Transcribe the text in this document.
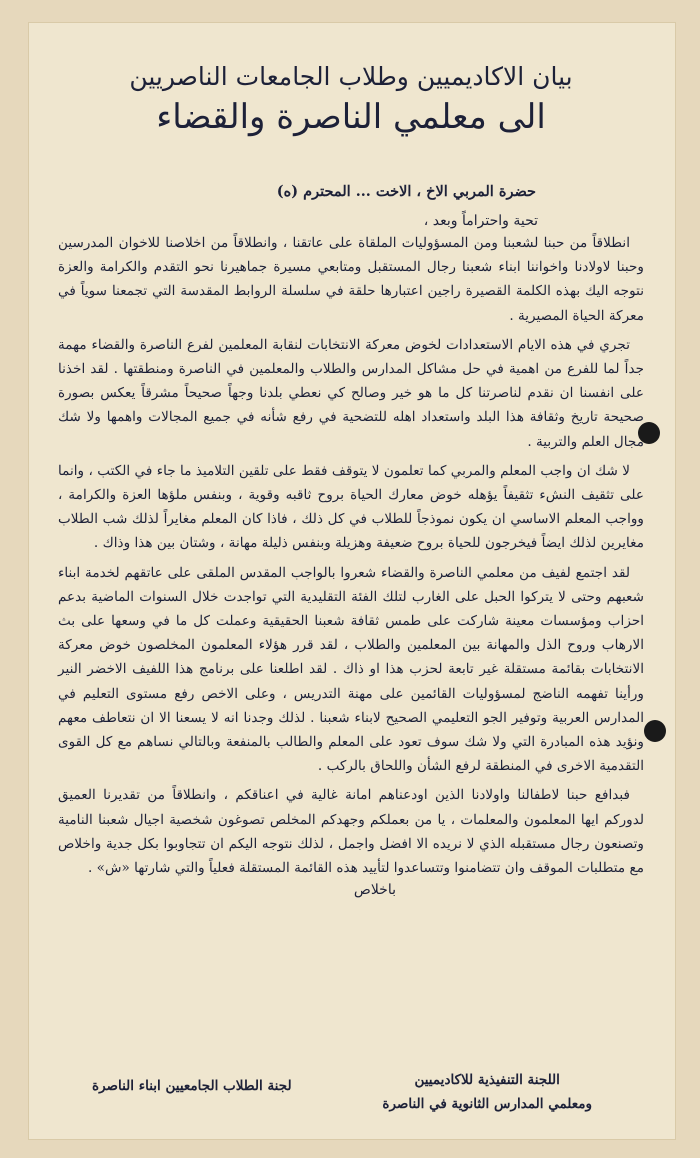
بيان الاكاديميين وطلاب الجامعات الناصريين
الى معلمي الناصرة والقضاء
حضرة المربي الاخ ، الاخت ... المحترم (ه)
تحية واحتراماً وبعد ،

انطلاقاً من حبنا لشعبنا ومن المسؤوليات الملقاة على عاتقنا ، وانطلاقاً من اخلاصنا للاخوان المدرسين وحبنا لاولادنا واخواننا ابناء شعبنا رجال المستقبل ومتابعي مسيرة جماهيرنا نحو التقدم والكرامة والعزة نتوجه اليك بهذه الكلمة القصيرة راجين اعتبارها حلقة في سلسلة الروابط المقدسة التي تجمعنا سوياً في معركة الحياة المصيرية .

تجري في هذه الايام الاستعدادات لخوض معركة الانتخابات لنقابة المعلمين لفرع الناصرة والقضاء مهمة جداً لما للفرع من اهمية في حل مشاكل المدارس والطلاب والمعلمين في الناصرة ومنطقتها . لقد اخذنا على انفسنا ان نقدم لناصرتنا كل ما هو خير وصالح كي نعطي بلدنا وجهاً صحيحاً مشرقاً يعكس بصورة صحيحة تاريخ وثقافة هذا البلد واستعداد اهله للتضحية في رفع شأنه في جميع المجالات واهمها ولا شك مجال العلم والتربية .

لا شك ان واجب المعلم والمربي كما تعلمون لا يتوقف فقط على تلقين التلاميذ ما جاء في الكتب ، وانما على تثقيف النشء تثقيفاً يؤهله خوض معارك الحياة بروح ثاقبه وقوية ، وبنفس ملؤها العزة والكرامة ، وواجب المعلم الاساسي ان يكون نموذجاً للطلاب في كل ذلك ، فاذا كان المعلم مغايراً لذلك شب الطلاب مغايرين لذلك ايضاً فيخرجون للحياة بروح ضعيفة وهزيلة وبنفس ذليلة مهانة ، وشتان بين هذا وذاك .

لقد اجتمع لفيف من معلمي الناصرة والقضاء شعروا بالواجب المقدس الملقى على عاتقهم لخدمة ابناء شعبهم وحتى لا يتركوا الحبل على الغارب لتلك الفئة التقليدية التي تواجدت خلال السنوات الماضية بدعم احزاب ومؤسسات معينة شاركت على طمس ثقافة شعبنا الحقيقية وعملت كل ما في وسعها على بث الارهاب وروح الذل والمهانة بين المعلمين والطلاب ، لقد قرر هؤلاء المعلمون المخلصون خوض معركة الانتخابات بقائمة مستقلة غير تابعة لحزب هذا او ذاك . لقد اطلعنا على برنامج هذا اللفيف الاخضر النير ورأينا تفهمه الناضج لمسؤوليات القائمين على مهنة التدريس ، وعلى الاخص رفع مستوى التعليم في المدارس العربية وتوفير الجو التعليمي الصحيح لابناء شعبنا . لذلك وجدنا انه لا يسعنا الا ان نتعاطف معهم ونؤيد هذه المبادرة التي ولا شك سوف تعود على المعلم والطالب بالمنفعة وبالتالي نساهم مع كل القوى التقدمية الاخرى في المنطقة لرفع الشأن واللحاق بالركب .

فبدافع حبنا لاطفالنا واولادنا الذين اودعناهم امانة غالية في اعناقكم ، وانطلاقاً من تقديرنا العميق لدوركم ايها المعلمون والمعلمات ، يا من بعملكم وجهدكم المخلص تصوغون شخصية اجيال شعبنا النامية وتصنعون رجال مستقبله الذي لا نريده الا افضل واجمل ، لذلك نتوجه اليكم ان تتجاوبوا بكل جدية واخلاص مع متطلبات الموقف وان تتضامنوا وتتساعدوا لتأييد هذه القائمة المستقلة فعلياً والتي شارتها «ش» .

باخلاص
اللجنة التنفيذية للاكاديميين
ومعلمي المدارس الثانوية في الناصرة
لجنة الطلاب الجامعيين ابناء الناصرة
